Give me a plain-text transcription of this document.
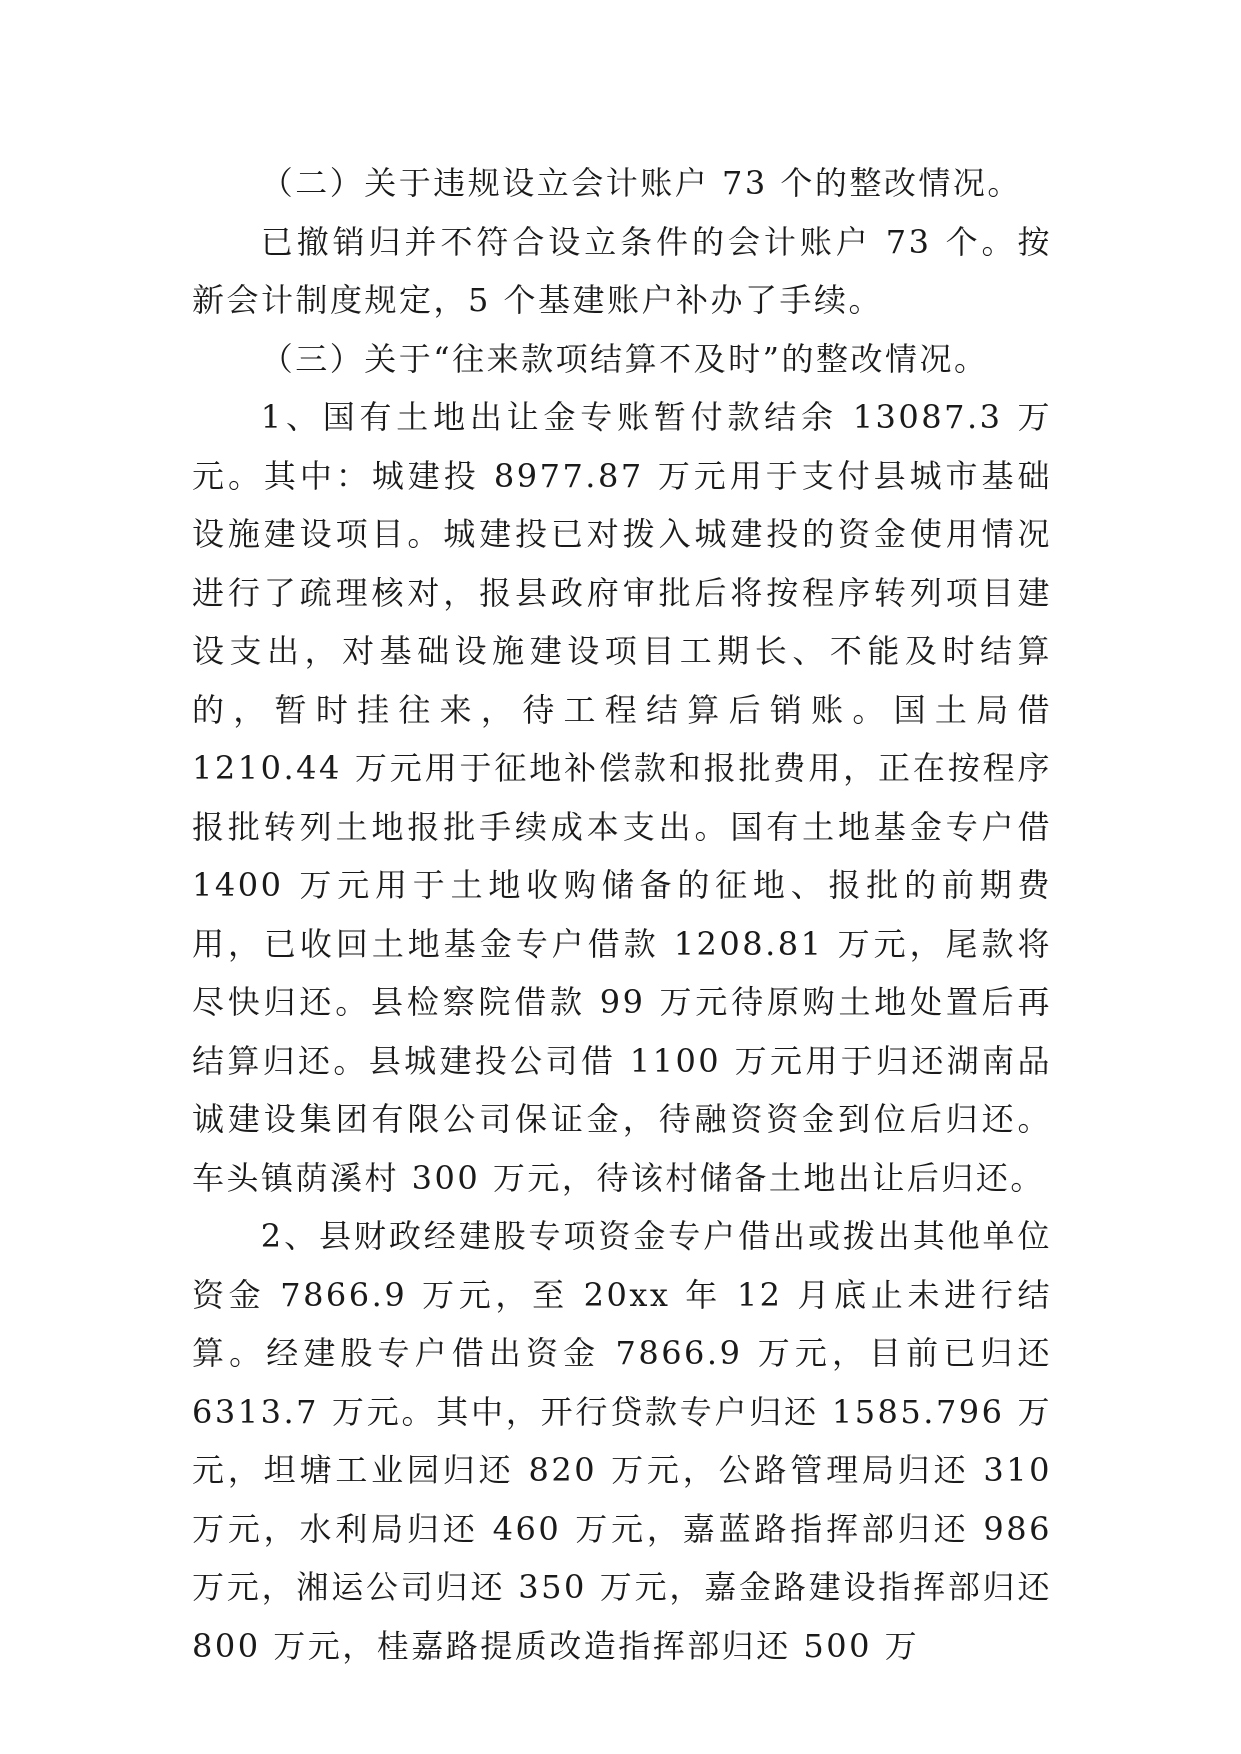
（二）关于违规设立会计账户 73 个的整改情况。

已撤销归并不符合设立条件的会计账户 73 个。按新会计制度规定，5 个基建账户补办了手续。

（三）关于“往来款项结算不及时”的整改情况。

1、国有土地出让金专账暂付款结余 13087.3 万元。其中：城建投 8977.87 万元用于支付县城市基础设施建设项目。城建投已对拨入城建投的资金使用情况进行了疏理核对，报县政府审批后将按程序转列项目建设支出，对基础设施建设项目工期长、不能及时结算的，暂时挂往来，待工程结算后销账。国土局借 1210.44 万元用于征地补偿款和报批费用，正在按程序报批转列土地报批手续成本支出。国有土地基金专户借 1400 万元用于土地收购储备的征地、报批的前期费用，已收回土地基金专户借款 1208.81 万元，尾款将尽快归还。县检察院借款 99 万元待原购土地处置后再结算归还。县城建投公司借 1100 万元用于归还湖南品诚建设集团有限公司保证金，待融资资金到位后归还。车头镇荫溪村 300 万元，待该村储备土地出让后归还。

2、县财政经建股专项资金专户借出或拨出其他单位资金 7866.9 万元，至 20xx 年 12 月底止未进行结算。经建股专户借出资金 7866.9 万元，目前已归还 6313.7 万元。其中，开行贷款专户归还 1585.796 万元，坦塘工业园归还 820 万元，公路管理局归还 310 万元，水利局归还 460 万元，嘉蓝路指挥部归还 986 万元，湘运公司归还 350 万元，嘉金路建设指挥部归还 800 万元，桂嘉路提质改造指挥部归还 500 万
